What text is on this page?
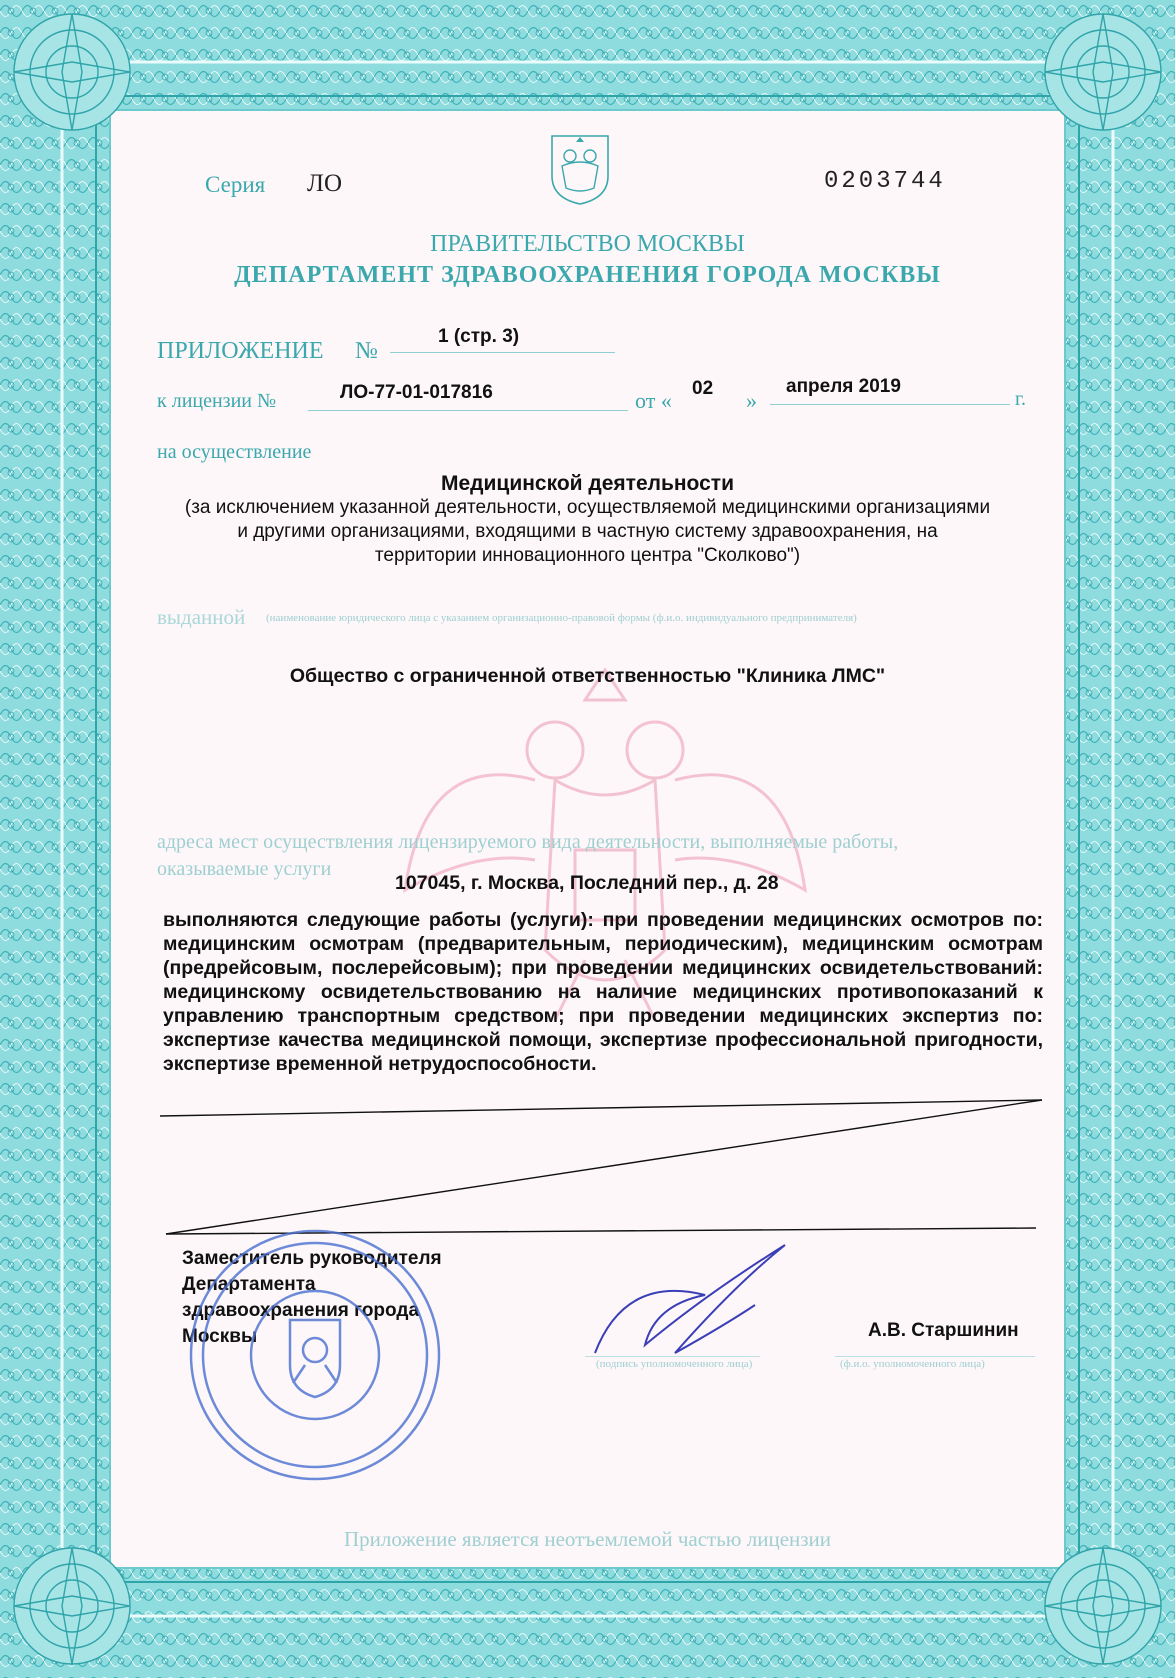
Серия ЛО	0203744
ПРАВИТЕЛЬСТВО МОСКВЫ
ДЕПАРТАМЕНТ ЗДРАВООХРАНЕНИЯ ГОРОДА МОСКВЫ
ПРИЛОЖЕНИЕ №
1 (стр. 3)
к лицензии №	ЛО-77-01-017816	от « 02 »
апреля 2019
г.
на осуществление
Медицинской деятельности
(за исключением указанной деятельности, осуществляемой медицинскими организациями
и другими организациями, входящими в частную систему здравоохранения, на
территории инновационного центра "Сколково")
выданной (наименование юридического лица с указанием организационно-правовой формы (ф.и.о. индивидуального предпринимателя)
Общество с ограниченной ответственностью "Клиника ЛМС"
адреса мест осуществления лицензируемого вида деятельности, выполняемые работы,
оказываемые услуги
107045, г. Москва, Последний пер., д. 28
выполняются следующие работы (услуги): при проведении медицинских осмотров по: медицинским осмотрам (предварительным, периодическим), медицинским осмотрам (предрейсовым, послерейсовым); при проведении медицинских освидетельствований: медицинскому освидетельствованию на наличие медицинских противопоказаний к управлению транспортным средством; при проведении медицинских экспертиз по: экспертизе качества медицинской помощи, экспертизе профессиональной пригодности, экспертизе временной нетрудоспособности.
Заместитель руководителя
Департамента
здравоохранения города
Москвы	А.В. Старшинин
(подпись уполномоченного лица)	(ф.и.о. уполномоченного лица)
Приложение является неотъемлемой частью лицензии
